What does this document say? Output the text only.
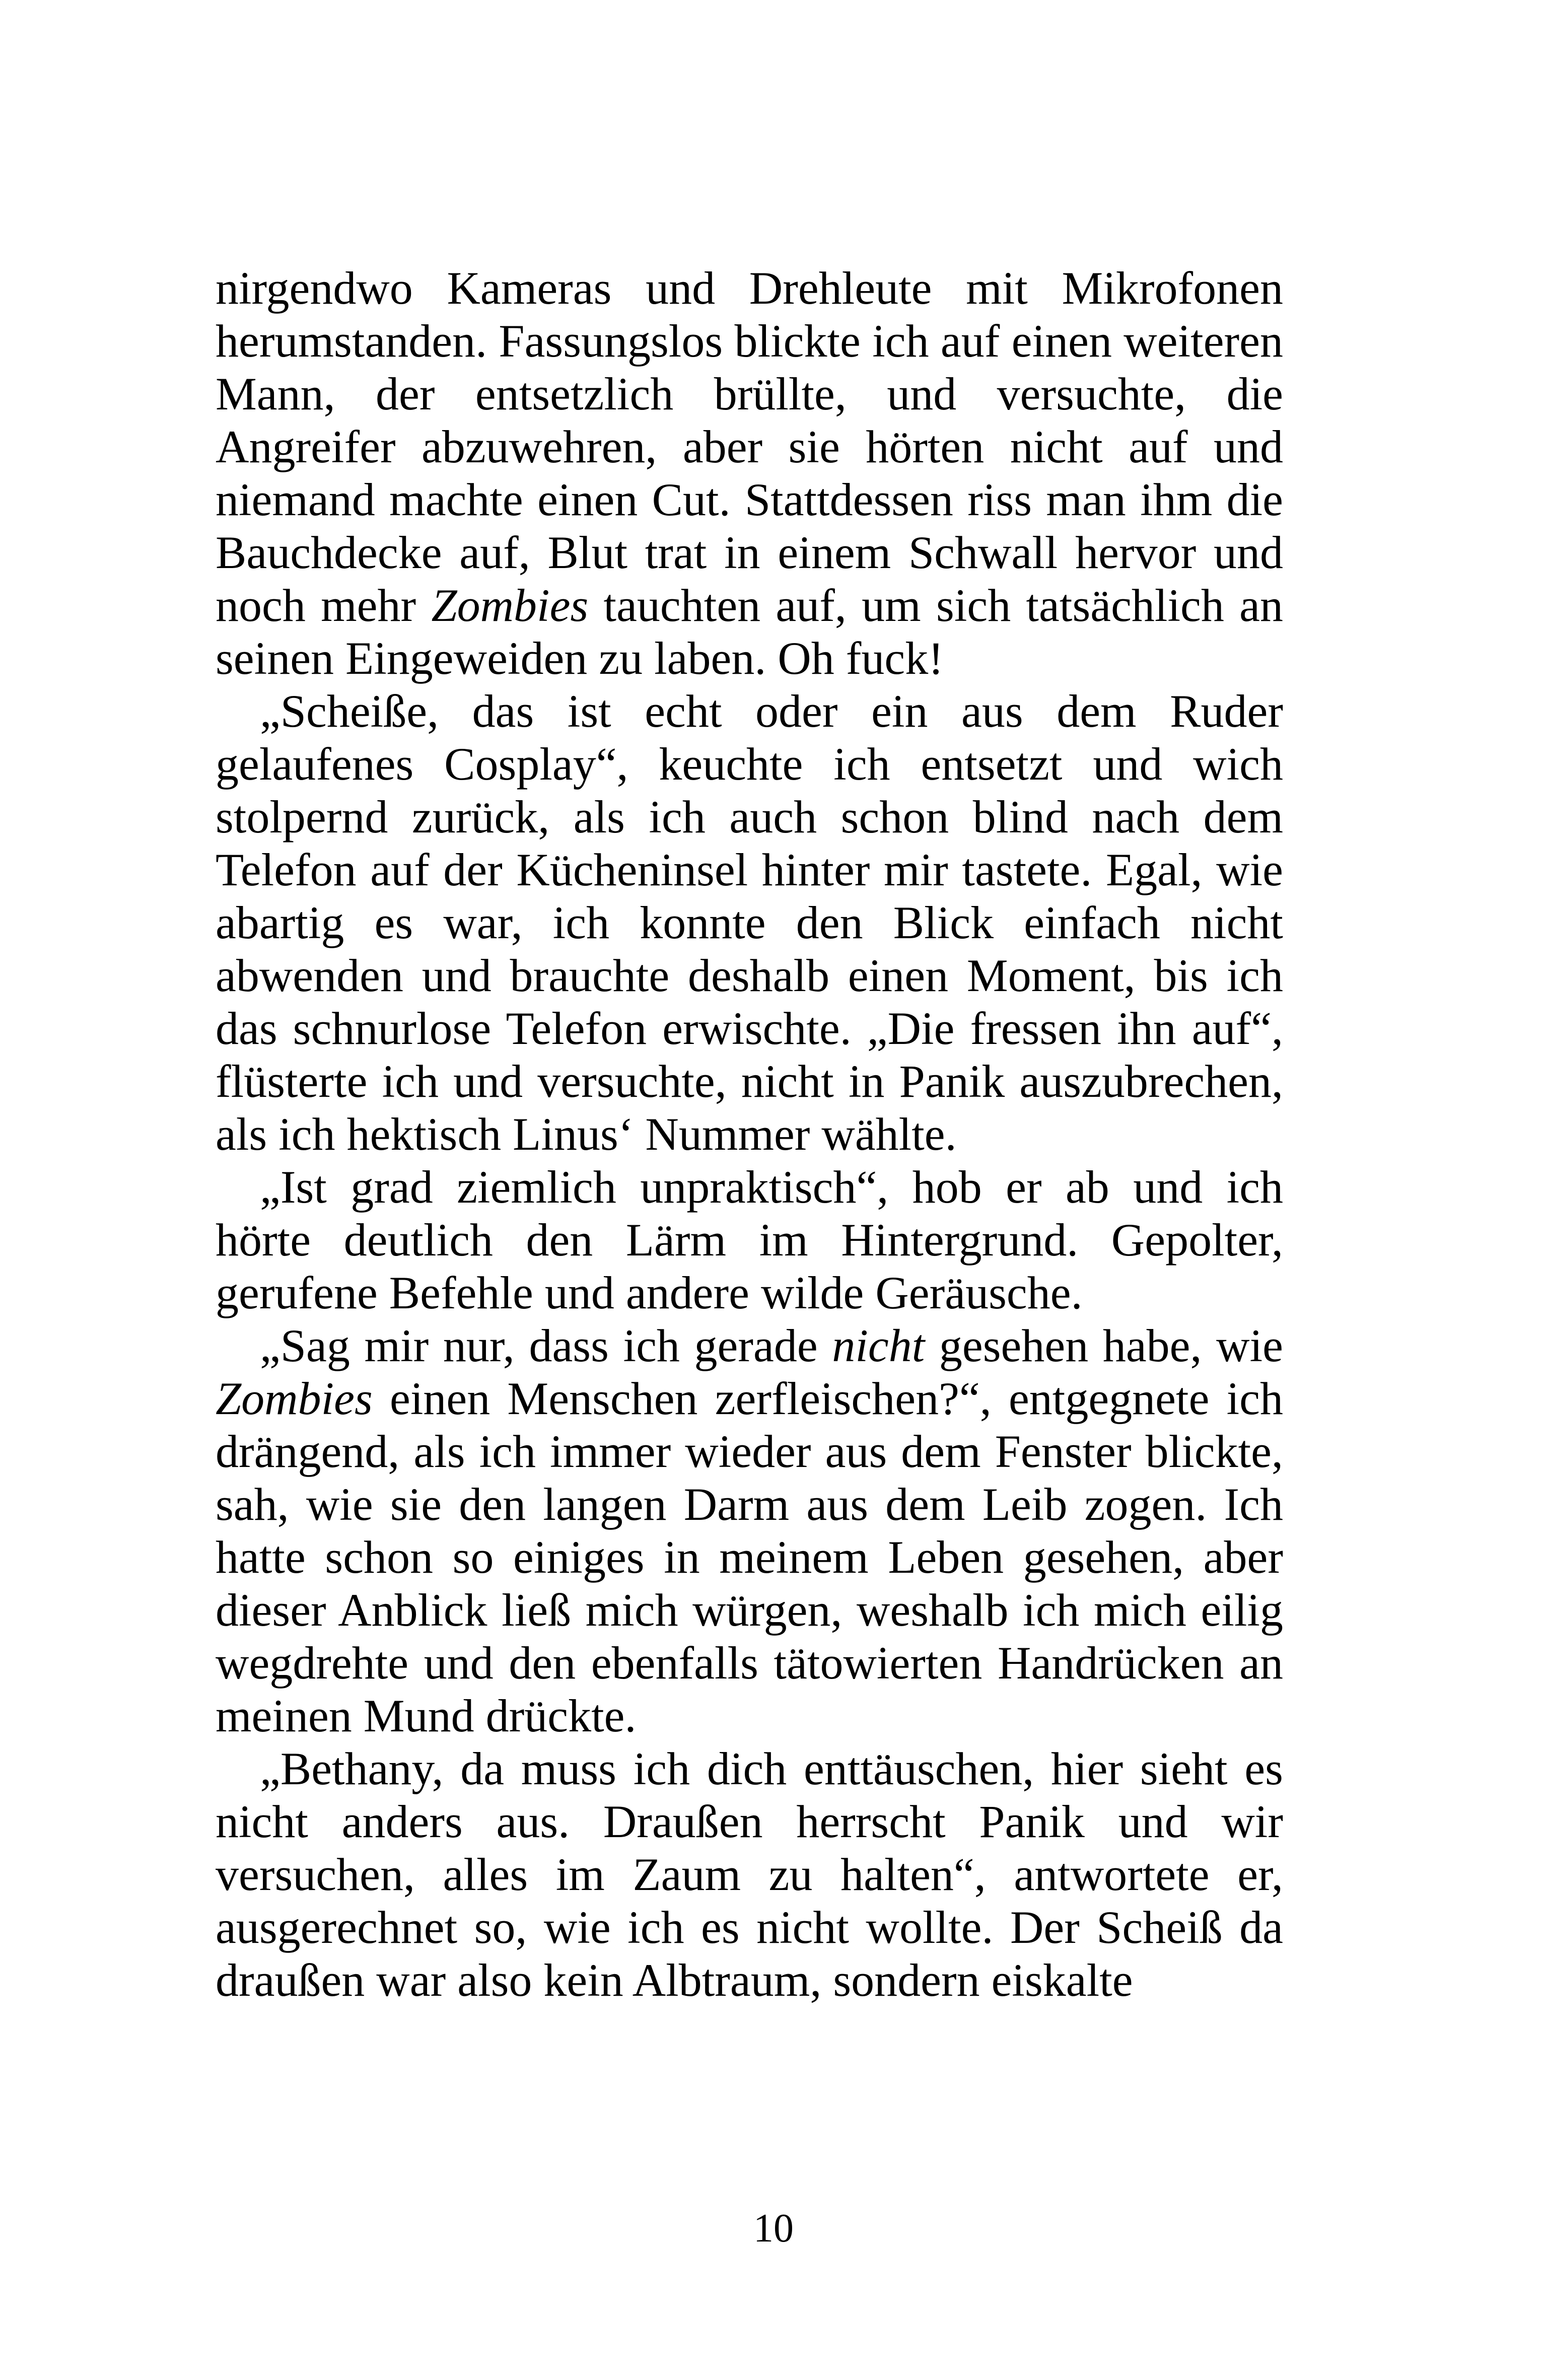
nirgendwo Kameras und Drehleute mit Mikrofonen herumstanden. Fassungslos blickte ich auf einen weiteren Mann, der entsetzlich brüllte, und versuchte, die Angreifer abzuwehren, aber sie hörten nicht auf und niemand machte einen Cut. Stattdessen riss man ihm die Bauchdecke auf, Blut trat in einem Schwall hervor und noch mehr Zombies tauchten auf, um sich tatsächlich an seinen Eingeweiden zu laben. Oh fuck!

„Scheiße, das ist echt oder ein aus dem Ruder gelaufenes Cosplay“, keuchte ich entsetzt und wich stolpernd zurück, als ich auch schon blind nach dem Telefon auf der Kücheninsel hinter mir tastete. Egal, wie abartig es war, ich konnte den Blick einfach nicht abwenden und brauchte deshalb einen Moment, bis ich das schnurlose Telefon erwischte. „Die fressen ihn auf“, flüsterte ich und versuchte, nicht in Panik auszubrechen, als ich hektisch Linus‘ Nummer wählte.

„Ist grad ziemlich unpraktisch“, hob er ab und ich hörte deutlich den Lärm im Hintergrund. Gepolter, gerufene Befehle und andere wilde Geräusche.

„Sag mir nur, dass ich gerade nicht gesehen habe, wie Zombies einen Menschen zerfleischen?“, entgegnete ich drängend, als ich immer wieder aus dem Fenster blickte, sah, wie sie den langen Darm aus dem Leib zogen. Ich hatte schon so einiges in meinem Leben gesehen, aber dieser Anblick ließ mich würgen, weshalb ich mich eilig wegdrehte und den ebenfalls tätowierten Handrücken an meinen Mund drückte.

„Bethany, da muss ich dich enttäuschen, hier sieht es nicht anders aus. Draußen herrscht Panik und wir versuchen, alles im Zaum zu halten“, antwortete er, ausgerechnet so, wie ich es nicht wollte. Der Scheiß da draußen war also kein Albtraum, sondern eiskalte

10
